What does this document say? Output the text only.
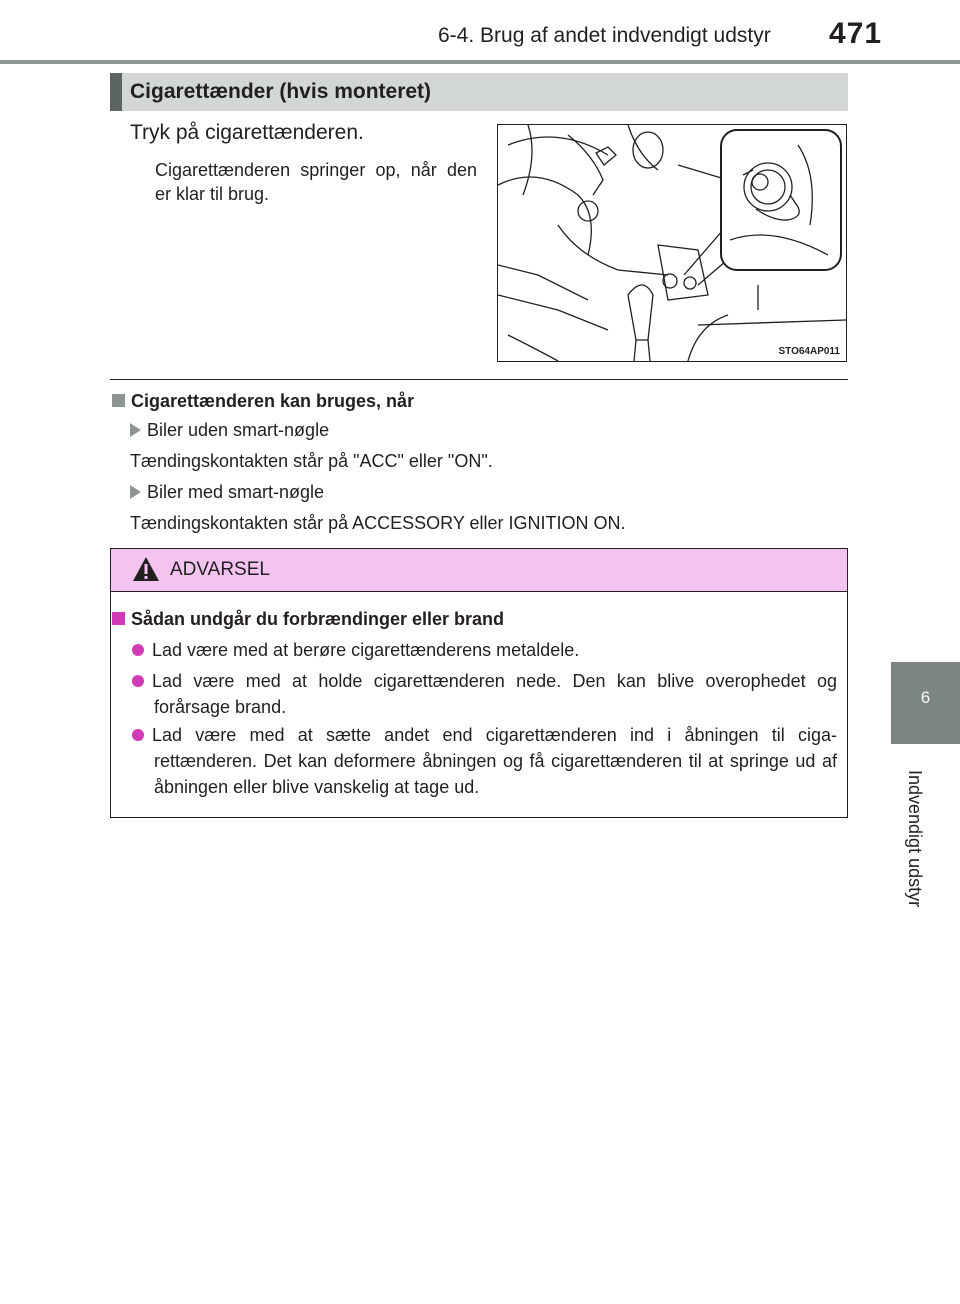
6-4. Brug af andet indvendigt udstyr 471
6
Indvendigt udstyr
Cigarettænder (hvis monteret)
Tryk på cigarettænderen.
Cigarettænderen springer op, når den er klar til brug.
STO64AP011
Cigarettænderen kan bruges, når
Biler uden smart-nøgle
Tændingskontakten står på "ACC" eller "ON".
Biler med smart-nøgle
Tændingskontakten står på ACCESSORY eller IGNITION ON.
ADVARSEL
Sådan undgår du forbrændinger eller brand
Lad være med at berøre cigarettænderens metaldele.
Lad være med at holde cigarettænderen nede. Den kan blive overophedet og forårsage brand.
Lad være med at sætte andet end cigarettænderen ind i åbningen til ciga- rettænderen. Det kan deformere åbningen og få cigarettænderen til at springe ud af åbningen eller blive vanskelig at tage ud.
